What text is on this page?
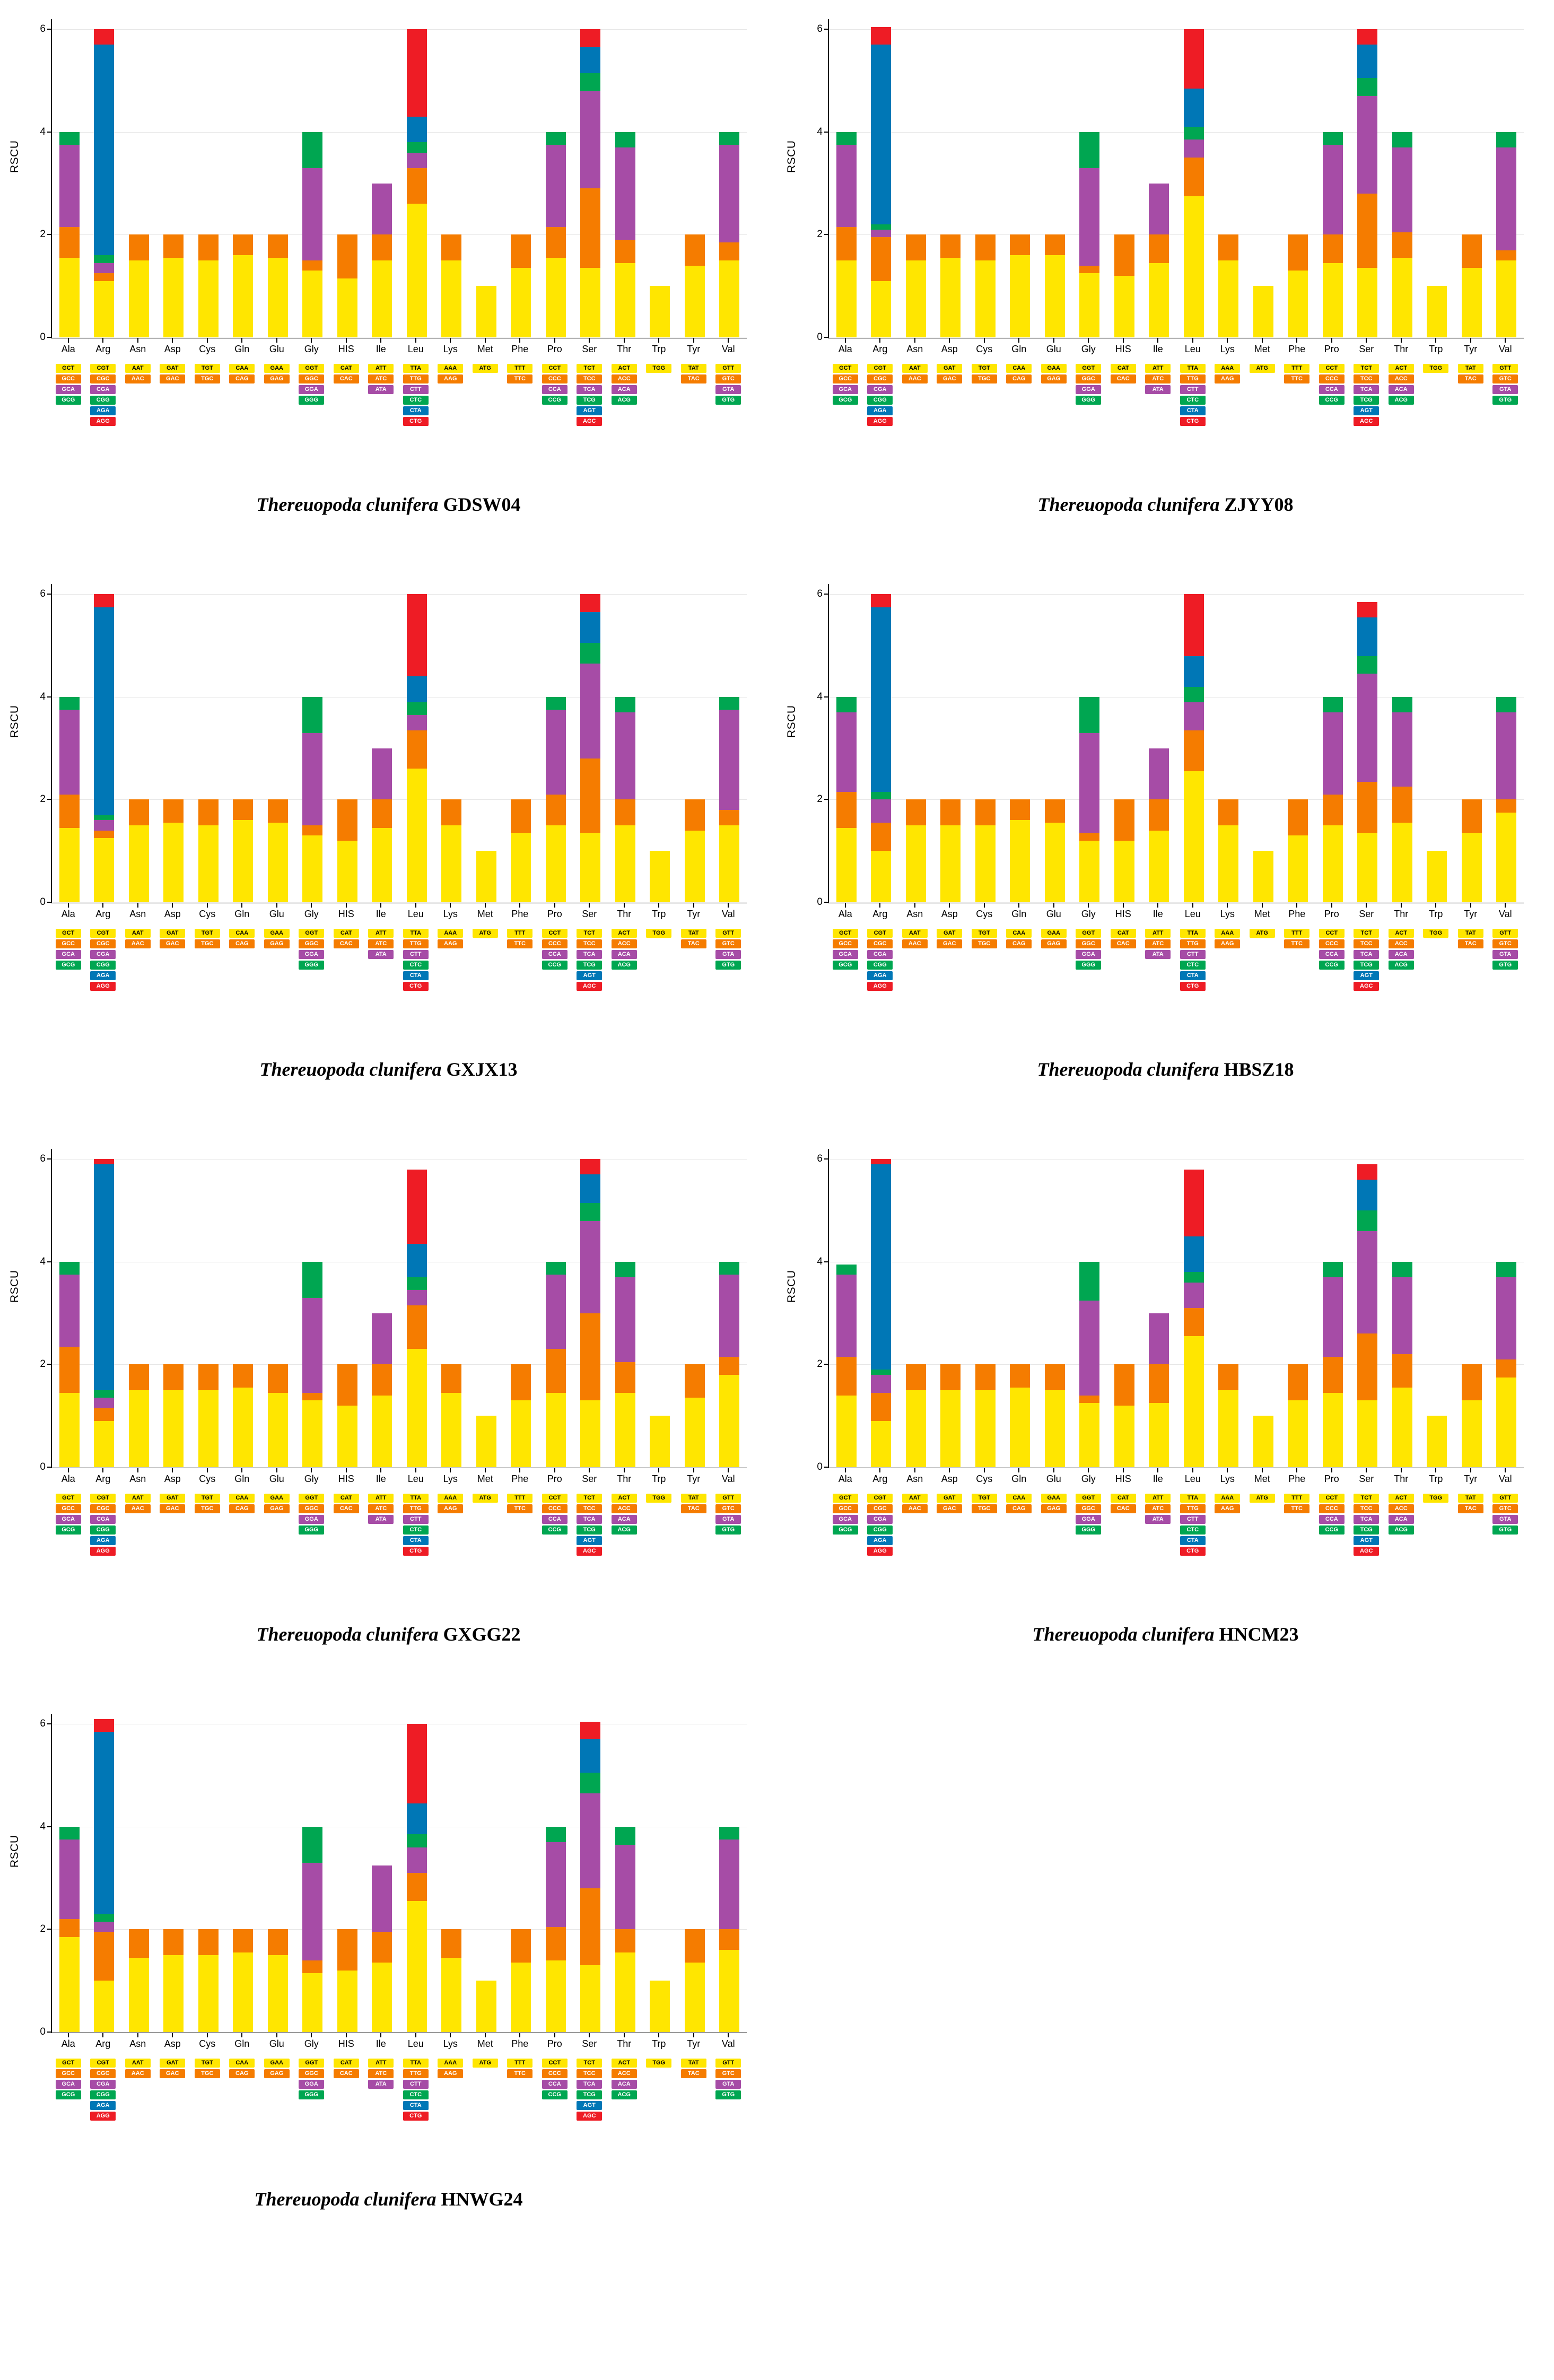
RSCU
0
2
4
6
Ala	Arg	Asn	Asp	Cys	Gln	Glu	Gly	HIS	Ile	Leu	Lys	Met	Phe	Pro	Ser	Thr	Trp	Tyr	Val
GCT
GCC
GCA
GCG
CGT
CGC
CGA
CGG
AGA
AGG
AAT
AAC
GAT
GAC
TGT
TGC
CAA
CAG
GAA
GAG
GGT
GGC
GGA
GGG
CAT
CAC
ATT
ATC
ATA
TTA
TTG
CTT
CTC
CTA
CTG
AAA
AAG
ATG	TTT
TTC
CCT
CCC
CCA
CCG
TCT
TCC
TCA
TCG
AGT
AGC
ACT
ACC
ACA
ACG
TGG	TAT
TAC
GTT
GTC
GTA
GTG
Thereuopoda clunifera GDSW04
RSCU
0
2
4
6
Ala	Arg	Asn	Asp	Cys	Gln	Glu	Gly	HIS	Ile	Leu	Lys	Met	Phe	Pro	Ser	Thr	Trp	Tyr	Val
GCT
GCC
GCA
GCG
CGT
CGC
CGA
CGG
AGA
AGG
AAT
AAC
GAT
GAC
TGT
TGC
CAA
CAG
GAA
GAG
GGT
GGC
GGA
GGG
CAT
CAC
ATT
ATC
ATA
TTA
TTG
CTT
CTC
CTA
CTG
AAA
AAG
ATG	TTT
TTC
CCT
CCC
CCA
CCG
TCT
TCC
TCA
TCG
AGT
AGC
ACT
ACC
ACA
ACG
TGG	TAT
TAC
GTT
GTC
GTA
GTG
Thereuopoda clunifera ZJYY08
RSCU
0
2
4
6
Ala	Arg	Asn	Asp	Cys	Gln	Glu	Gly	HIS	Ile	Leu	Lys	Met	Phe	Pro	Ser	Thr	Trp	Tyr	Val
GCT
GCC
GCA
GCG
CGT
CGC
CGA
CGG
AGA
AGG
AAT
AAC
GAT
GAC
TGT
TGC
CAA
CAG
GAA
GAG
GGT
GGC
GGA
GGG
CAT
CAC
ATT
ATC
ATA
TTA
TTG
CTT
CTC
CTA
CTG
AAA
AAG
ATG	TTT
TTC
CCT
CCC
CCA
CCG
TCT
TCC
TCA
TCG
AGT
AGC
ACT
ACC
ACA
ACG
TGG	TAT
TAC
GTT
GTC
GTA
GTG
Thereuopoda clunifera GXJX13
RSCU
0
2
4
6
Ala	Arg	Asn	Asp	Cys	Gln	Glu	Gly	HIS	Ile	Leu	Lys	Met	Phe	Pro	Ser	Thr	Trp	Tyr	Val
GCT
GCC
GCA
GCG
CGT
CGC
CGA
CGG
AGA
AGG
AAT
AAC
GAT
GAC
TGT
TGC
CAA
CAG
GAA
GAG
GGT
GGC
GGA
GGG
CAT
CAC
ATT
ATC
ATA
TTA
TTG
CTT
CTC
CTA
CTG
AAA
AAG
ATG	TTT
TTC
CCT
CCC
CCA
CCG
TCT
TCC
TCA
TCG
AGT
AGC
ACT
ACC
ACA
ACG
TGG	TAT
TAC
GTT
GTC
GTA
GTG
Thereuopoda clunifera HBSZ18
RSCU
0
2
4
6
Ala	Arg	Asn	Asp	Cys	Gln	Glu	Gly	HIS	Ile	Leu	Lys	Met	Phe	Pro	Ser	Thr	Trp	Tyr	Val
GCT
GCC
GCA
GCG
CGT
CGC
CGA
CGG
AGA
AGG
AAT
AAC
GAT
GAC
TGT
TGC
CAA
CAG
GAA
GAG
GGT
GGC
GGA
GGG
CAT
CAC
ATT
ATC
ATA
TTA
TTG
CTT
CTC
CTA
CTG
AAA
AAG
ATG	TTT
TTC
CCT
CCC
CCA
CCG
TCT
TCC
TCA
TCG
AGT
AGC
ACT
ACC
ACA
ACG
TGG	TAT
TAC
GTT
GTC
GTA
GTG
Thereuopoda clunifera GXGG22
RSCU
0
2
4
6
Ala	Arg	Asn	Asp	Cys	Gln	Glu	Gly	HIS	Ile	Leu	Lys	Met	Phe	Pro	Ser	Thr	Trp	Tyr	Val
GCT
GCC
GCA
GCG
CGT
CGC
CGA
CGG
AGA
AGG
AAT
AAC
GAT
GAC
TGT
TGC
CAA
CAG
GAA
GAG
GGT
GGC
GGA
GGG
CAT
CAC
ATT
ATC
ATA
TTA
TTG
CTT
CTC
CTA
CTG
AAA
AAG
ATG	TTT
TTC
CCT
CCC
CCA
CCG
TCT
TCC
TCA
TCG
AGT
AGC
ACT
ACC
ACA
ACG
TGG	TAT
TAC
GTT
GTC
GTA
GTG
Thereuopoda clunifera HNCM23
RSCU
0
2
4
6
Ala	Arg	Asn	Asp	Cys	Gln	Glu	Gly	HIS	Ile	Leu	Lys	Met	Phe	Pro	Ser	Thr	Trp	Tyr	Val
GCT
GCC
GCA
GCG
CGT
CGC
CGA
CGG
AGA
AGG
AAT
AAC
GAT
GAC
TGT
TGC
CAA
CAG
GAA
GAG
GGT
GGC
GGA
GGG
CAT
CAC
ATT
ATC
ATA
TTA
TTG
CTT
CTC
CTA
CTG
AAA
AAG
ATG	TTT
TTC
CCT
CCC
CCA
CCG
TCT
TCC
TCA
TCG
AGT
AGC
ACT
ACC
ACA
ACG
TGG	TAT
TAC
GTT
GTC
GTA
GTG
Thereuopoda clunifera HNWG24
